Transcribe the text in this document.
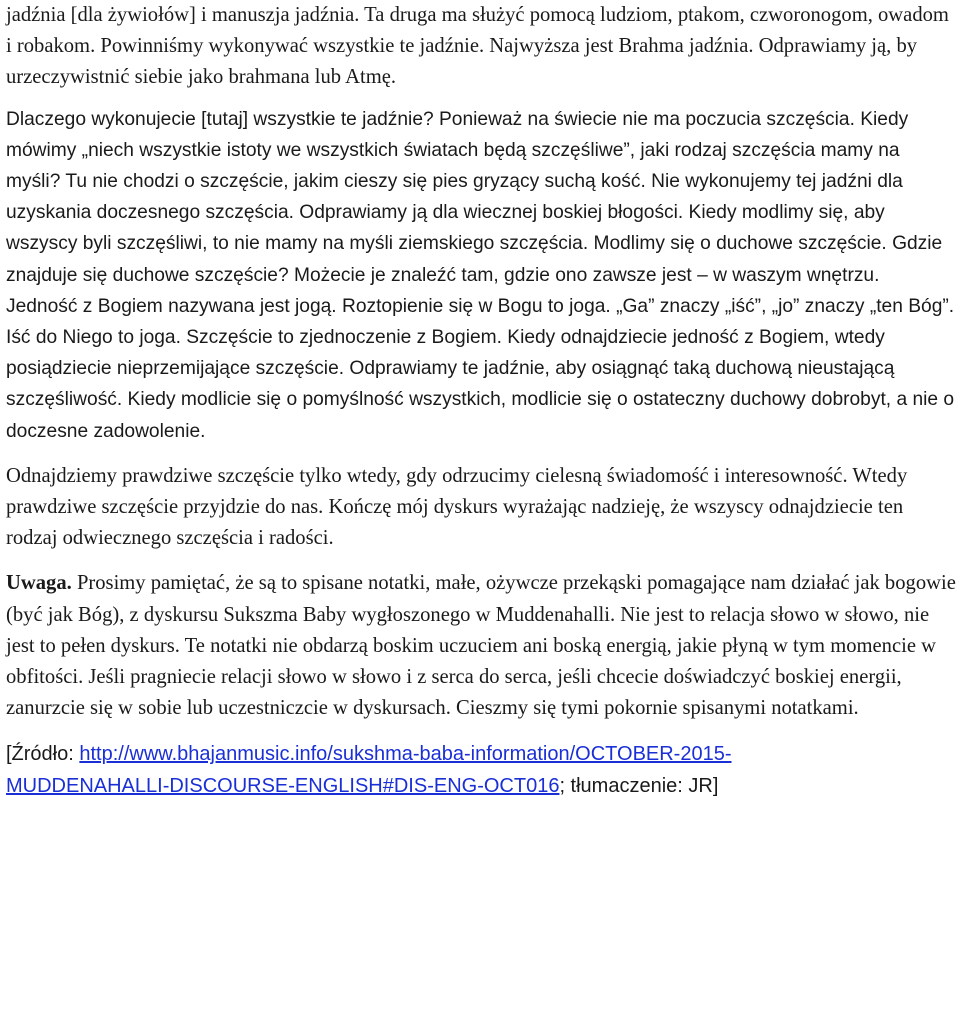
jadźnia [dla żywiołów] i manuszja jadźnia. Ta druga ma służyć pomocą ludziom, ptakom, czworonogom, owadom i robakom. Powinniśmy wykonywać wszystkie te jadźnie. Najwyższa jest Brahma jadźnia. Odprawiamy ją, by urzeczywistnić siebie jako brahmana lub Atmę.

Dlaczego wykonujecie [tutaj] wszystkie te jadźnie? Ponieważ na świecie nie ma poczucia szczęścia. Kiedy mówimy „niech wszystkie istoty we wszystkich światach będą szczęśliwe”, jaki rodzaj szczęścia mamy na myśli? Tu nie chodzi o szczęście, jakim cieszy się pies gryzący suchą kość. Nie wykonujemy tej jadźni dla uzyskania doczesnego szczęścia. Odprawiamy ją dla wiecznej boskiej błogości. Kiedy modlimy się, aby wszyscy byli szczęśliwi, to nie mamy na myśli ziemskiego szczęścia. Modlimy się o duchowe szczęście. Gdzie znajduje się duchowe szczęście? Możecie je znaleźć tam, gdzie ono zawsze jest – w waszym wnętrzu. Jedność z Bogiem nazywana jest jogą. Roztopienie się w Bogu to joga. „Ga” znaczy „iść”, „jo” znaczy „ten Bóg”. Iść do Niego to joga. Szczęście to zjednoczenie z Bogiem. Kiedy odnajdziecie jedność z Bogiem, wtedy posiądziecie nieprzemijające szczęście. Odprawiamy te jadźnie, aby osiągnąć taką duchową nieustającą szczęśliwość. Kiedy modlicie się o pomyślność wszystkich, modlicie się o ostateczny duchowy dobrobyt, a nie o doczesne zadowolenie.

Odnajdziemy prawdziwe szczęście tylko wtedy, gdy odrzucimy cielesną świadomość i interesowność. Wtedy prawdziwe szczęście przyjdzie do nas. Kończę mój dyskurs wyrażając nadzieję, że wszyscy odnajdziecie ten rodzaj odwiecznego szczęścia i radości.

Uwaga. Prosimy pamiętać, że są to spisane notatki, małe, ożywcze przekąski pomagające nam działać jak bogowie (być jak Bóg), z dyskursu Sukszma Baby wygłoszonego w Muddenahalli. Nie jest to relacja słowo w słowo, nie jest to pełen dyskurs. Te notatki nie obdarzą boskim uczuciem ani boską energią, jakie płyną w tym momencie w obfitości. Jeśli pragniecie relacji słowo w słowo i z serca do serca, jeśli chcecie doświadczyć boskiej energii, zanurzcie się w sobie lub uczestniczcie w dyskursach. Cieszmy się tymi pokornie spisanymi notatkami.

[Źródło: http://www.bhajanmusic.info/sukshma-baba-information/OCTOBER-2015-
MUDDENAHALLI-DISCOURSE-ENGLISH#DIS-ENG-OCT016; tłumaczenie: JR]
